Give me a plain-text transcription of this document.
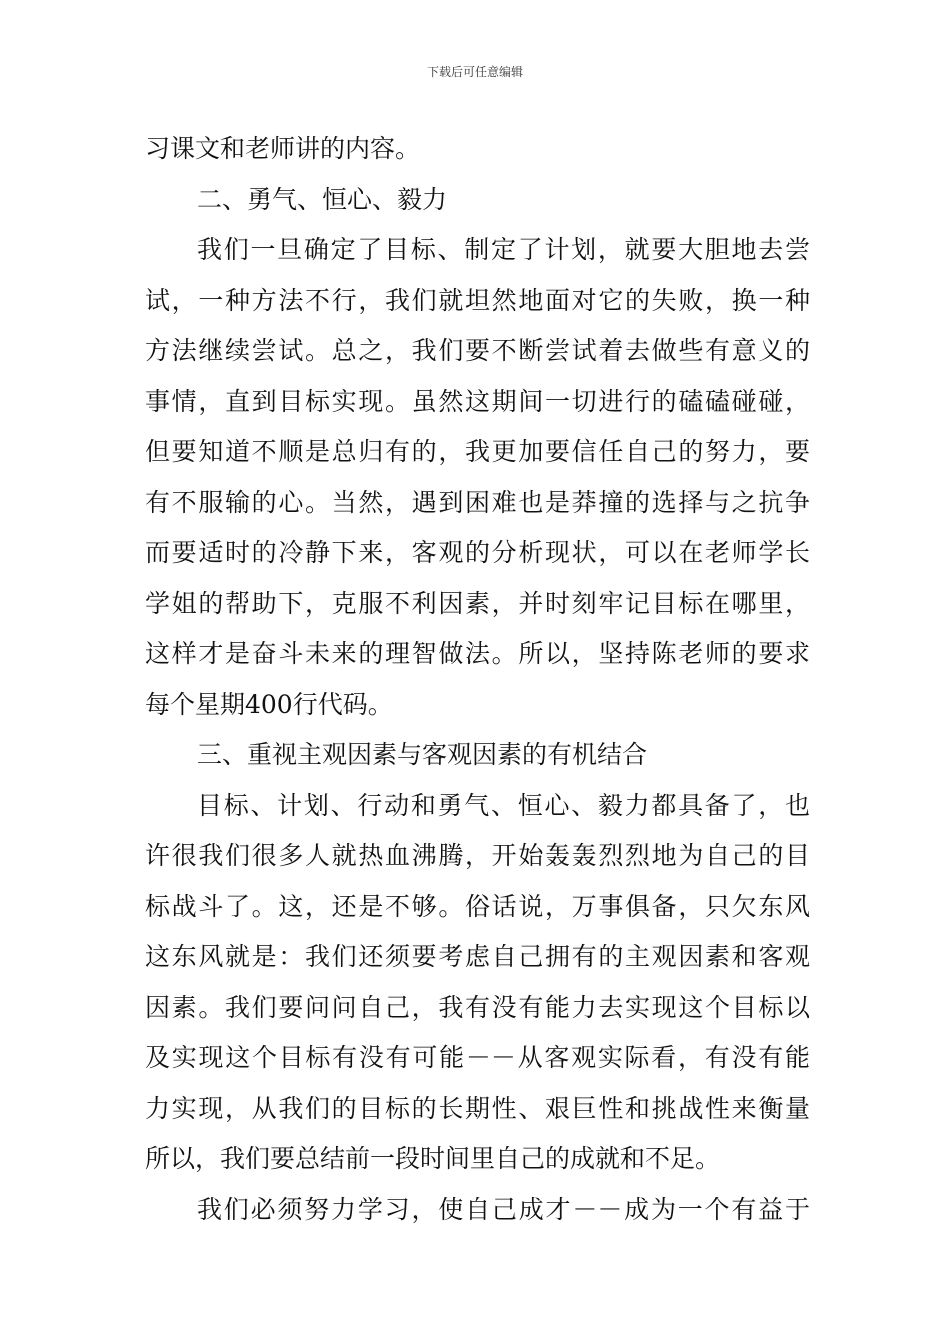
下载后可任意编辑
习课文和老师讲的内容。
二、勇气、恒心、毅力
我们一旦确定了目标、制定了计划，就要大胆地去尝
试，一种方法不行，我们就坦然地面对它的失败，换一种
方法继续尝试。总之，我们要不断尝试着去做些有意义的
事情，直到目标实现。虽然这期间一切进行的磕磕碰碰，
但要知道不顺是总归有的，我更加要信任自己的努力，要
有不服输的心。当然，遇到困难也是莽撞的选择与之抗争
而要适时的冷静下来，客观的分析现状，可以在老师学长
学姐的帮助下，克服不利因素，并时刻牢记目标在哪里，
这样才是奋斗未来的理智做法。所以，坚持陈老师的要求
每个星期400行代码。
三、重视主观因素与客观因素的有机结合
目标、计划、行动和勇气、恒心、毅力都具备了，也
许很我们很多人就热血沸腾，开始轰轰烈烈地为自己的目
标战斗了。这，还是不够。俗话说，万事俱备，只欠东风
这东风就是：我们还须要考虑自己拥有的主观因素和客观
因素。我们要问问自己，我有没有能力去实现这个目标以
及实现这个目标有没有可能－－从客观实际看，有没有能
力实现，从我们的目标的长期性、艰巨性和挑战性来衡量
所以，我们要总结前一段时间里自己的成就和不足。
我们必须努力学习，使自己成才－－成为一个有益于
